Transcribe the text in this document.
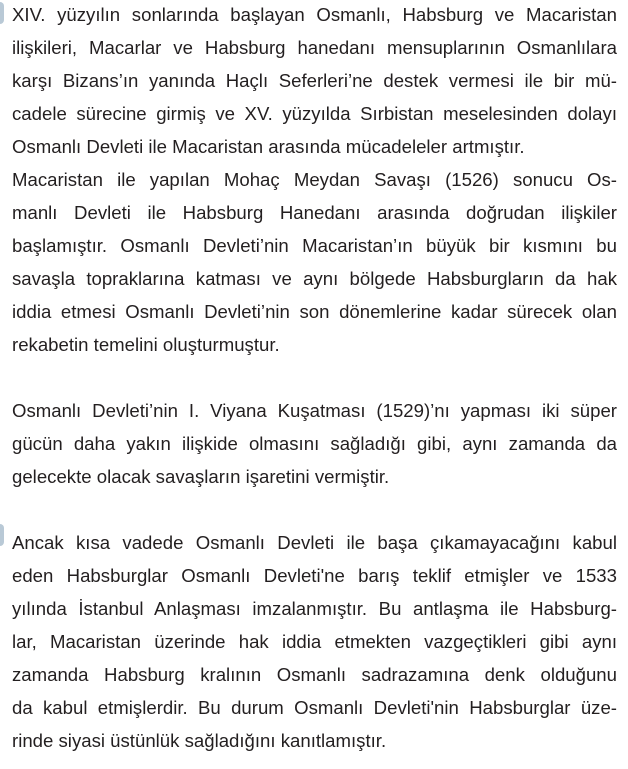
XIV. yüzyılın sonlarında başlayan Osmanlı, Habsburg ve Macaristan
ilişkileri, Macarlar ve Habsburg hanedanı mensuplarının Osmanlılara
karşı Bizans’ın yanında Haçlı Seferleri’ne destek vermesi ile bir mü-
cadele sürecine girmiş ve XV. yüzyılda Sırbistan meselesinden dolayı
Osmanlı Devleti ile Macaristan arasında mücadeleler artmıştır.
Macaristan ile yapılan Mohaç Meydan Savaşı (1526) sonucu Os-
manlı Devleti ile Habsburg Hanedanı arasında doğrudan ilişkiler
başlamıştır. Osmanlı Devleti’nin Macaristan’ın büyük bir kısmını bu
savaşla topraklarına katması ve aynı bölgede Habsburgların da hak
iddia etmesi Osmanlı Devleti’nin son dönemlerine kadar sürecek olan
rekabetin temelini oluşturmuştur.
Osmanlı Devleti’nin I. Viyana Kuşatması (1529)’nı yapması iki süper
gücün daha yakın ilişkide olmasını sağladığı gibi, aynı zamanda da
gelecekte olacak savaşların işaretini vermiştir.
Ancak kısa vadede Osmanlı Devleti ile başa çıkamayacağını kabul
eden Habsburglar Osmanlı Devleti'ne barış teklif etmişler ve 1533
yılında İstanbul Anlaşması imzalanmıştır. Bu antlaşma ile Habsburg-
lar, Macaristan üzerinde hak iddia etmekten vazgeçtikleri gibi aynı
zamanda Habsburg kralının Osmanlı sadrazamına denk olduğunu
da kabul etmişlerdir. Bu durum Osmanlı Devleti'nin Habsburglar üze-
rinde siyasi üstünlük sağladığını kanıtlamıştır.
